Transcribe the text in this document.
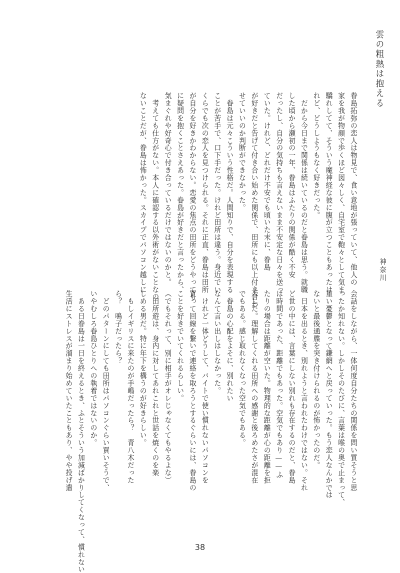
雲の粗熱は抱える
神奈川
眷島拓弥の恋人は物見で、食い意地が張っていて、他人の
家を我が物顔で歩くほど図々しく、自宅室で鞄々として気ま
驕れしてて、そういう魔神経な彼に腹が立つこともあったけ
れど、どうしようもなく好きだった。
　だから今日まで関係は続いているのだと眷島は思う。就職
した頃から瀬初の一年、眷島はふたりの関係が酷く不安
だったし、自分の気持ちも言えないまま不安定な日々を送っ
ていた。けれど、どれだけ不安でも頃いた末に、眷島
が好きだと告げて付き合い始めた関係で、田所にも以上付き合わ
せていいのか判断ができなかった。
　眷島は元々こういう性格だ。人間知りで、自分を表現する
ことが苦手で、口下手だった。けれど田所は違う。身近でい
くらでも次の恋人を見つけられる。それに正直、眷島は田所
が自分を好きかわからない。恋愛の焦点の田所をどうやっても
に疑問を抱くことさえあった。眷島が好きだと言ったから、
気まぐれや好奇心で付き合っているだけではないのかと。
　考えても仕方がない。本人に確認する以外術がないことなの
ないことだが、眷島は怖かった。スカイプでパソコン越しに
会話をしながら、一体何度自分たちの関係を問い質そうと思
ったか知れない。しかしそのたびに、言葉は喉の奥で止まって、
重い憂鬱となって鎌網へと戻っていった。もう恋人なんかでは
ないと最後通牒を突き付けられるのが怖かったのだ。
　日本を出るとき、別れようと言われたわけではない。それ
ど世の中には、言葉にしない別れも存在するのだと、眷島
は時間であった、距離でもあった。空気でもあり——ふ
たりの場合は距離が空いた。物理的な距離が心の距離を拒
否した。理解してくれる田所への感謝と後ろめたさが混在
でもある。感じ取れなくなった空気でもある。
　眷島の心配をよそに、別れたい
なんて言い出しはしなかった。
　けれど一体どうして、バイトで使い慣れないパソコンを
買って回線を繋いで連絡を取ろうとするぐらいには、眷島の
ことを好きでいてくれるらしい。
（でもそれって、別に相手がオレじゃなくてもやるよな）
　田所遊は、身内に対してあれこれと世話を焼くのを楽
しめる男だ。特に年下を構うのが好きらしい。
　もしイギリスに来たのが手嶋だったら？　青八木だった
ら？　鳴子だったら？
　どのパターンにしても田所はパソコンぐらい買いそうで、
いやむしろ眷島ひとりへの執着ではないのか。
　ある日眷島は一日を終えるとき、ふとそういう加減ばかりしてくなって、慣れない
生活にストレスが溜まり始めていたこともあり、やや投げ遣
38
